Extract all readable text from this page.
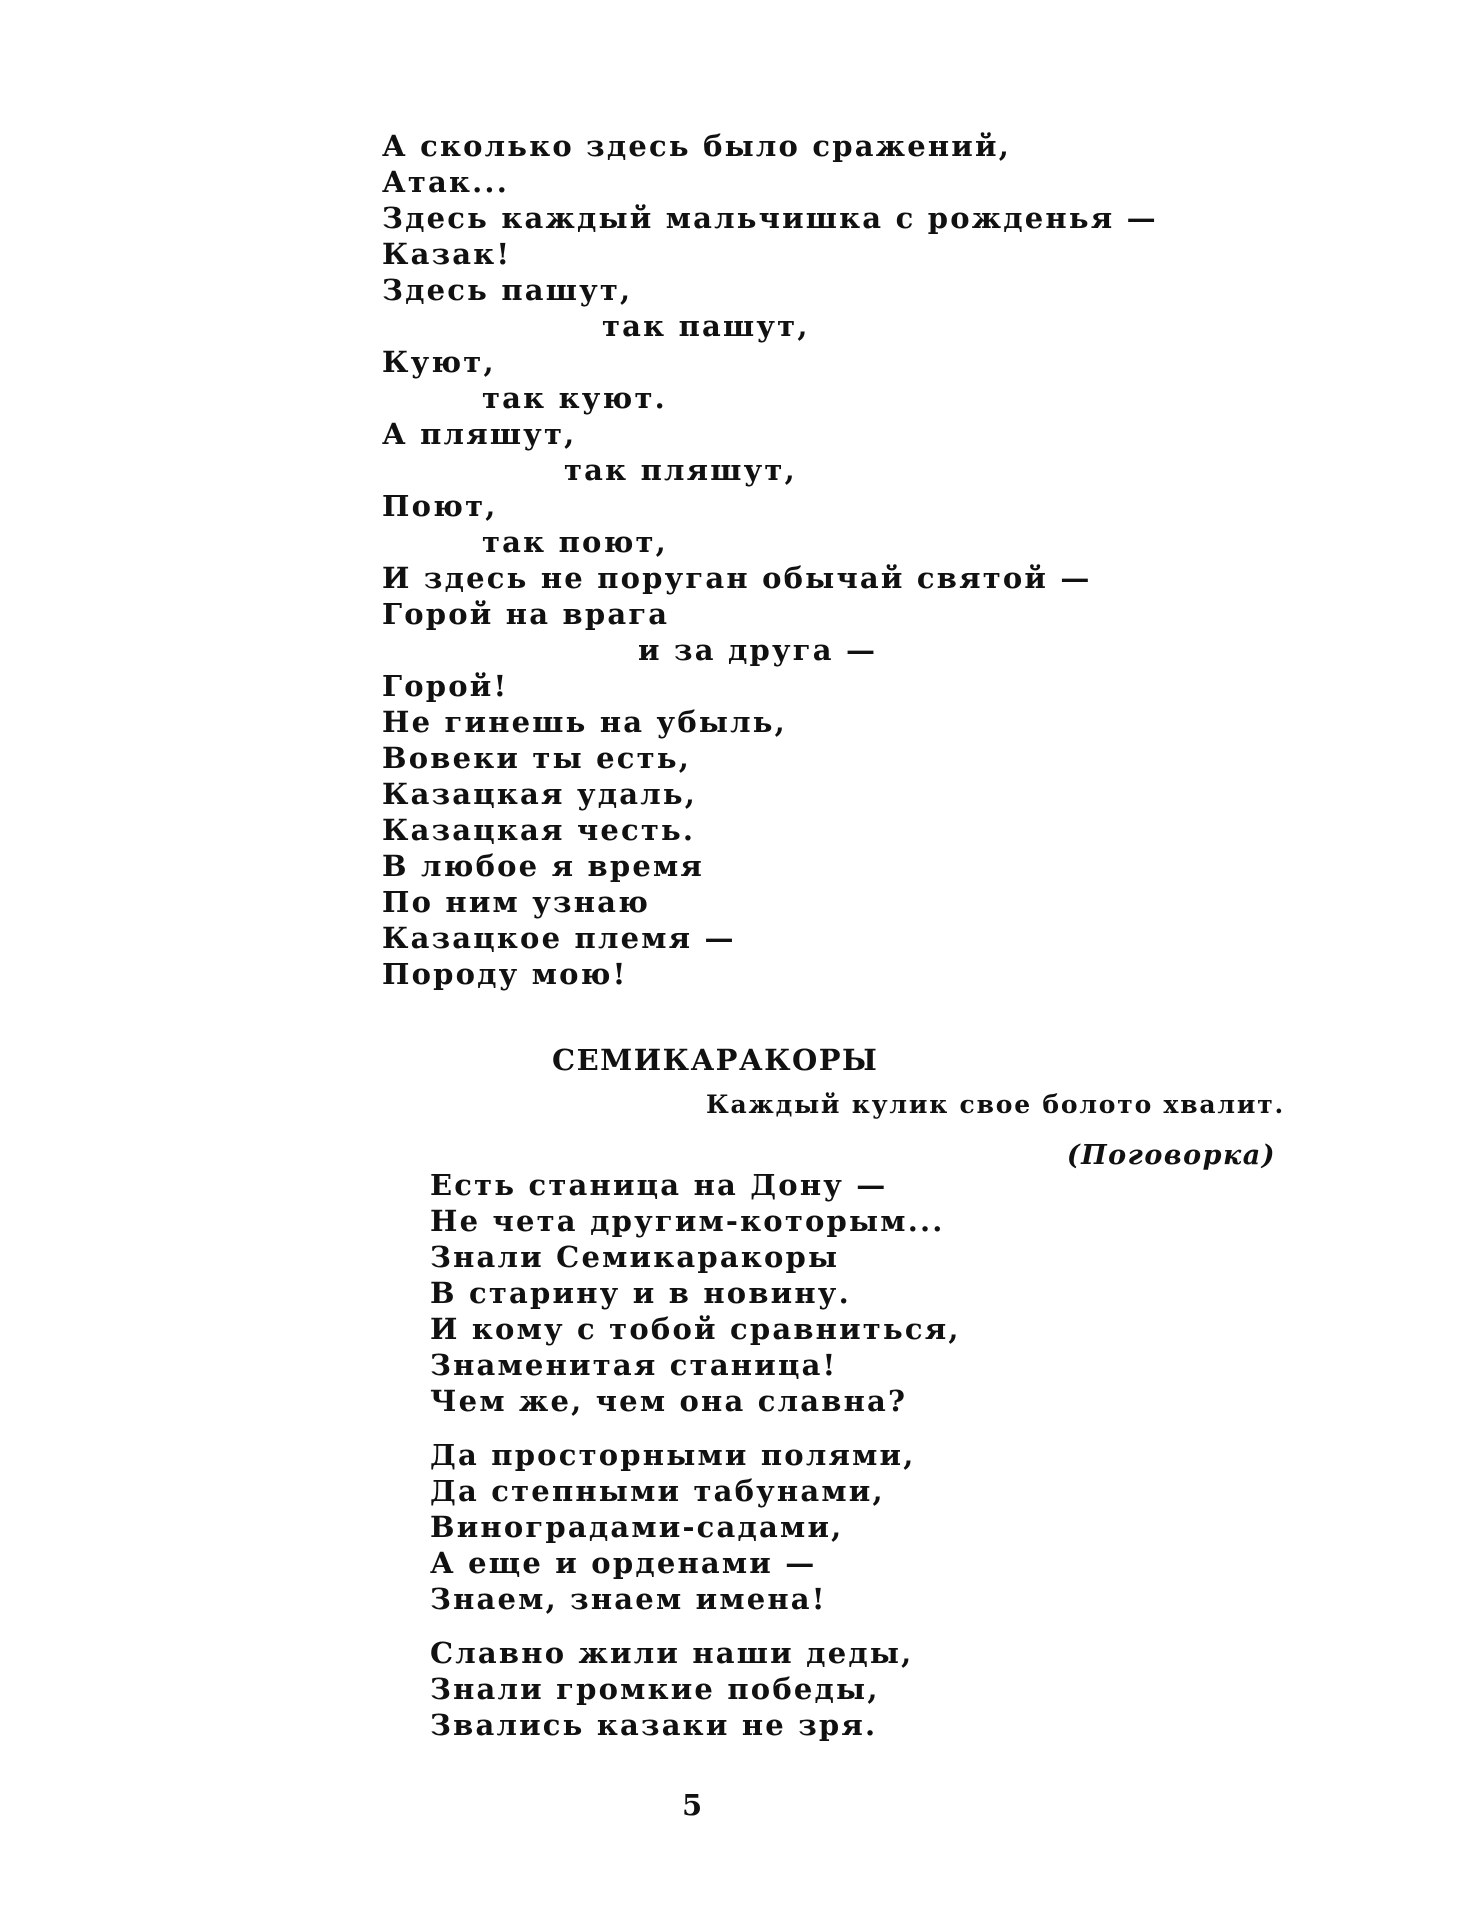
А сколько здесь было сражений,
Атак...
Здесь каждый мальчишка с рожденья —
Казак!
Здесь пашут,
так пашут,
Куют,
так куют.
А пляшут,
так пляшут,
Поют,
так поют,
И здесь не поруган обычай святой —
Горой на врага
и за друга —
Горой!
Не гинешь на убыль,
Вовеки ты есть,
Казацкая удаль,
Казацкая честь.
В любое я время
По ним узнаю
Казацкое племя —
Породу мою!
СЕМИКАРАКОРЫ
Каждый кулик свое болото хвалит.
(Поговорка)
Есть станица на Дону —
Не чета другим-которым...
Знали Семикаракоры
В старину и в новину.
И кому с тобой сравниться,
Знаменитая станица!
Чем же, чем она славна?
Да просторными полями,
Да степными табунами,
Виноградами-садами,
А еще и орденами —
Знаем, знаем имена!
Славно жили наши деды,
Знали громкие победы,
Звались казаки не зря.
5
